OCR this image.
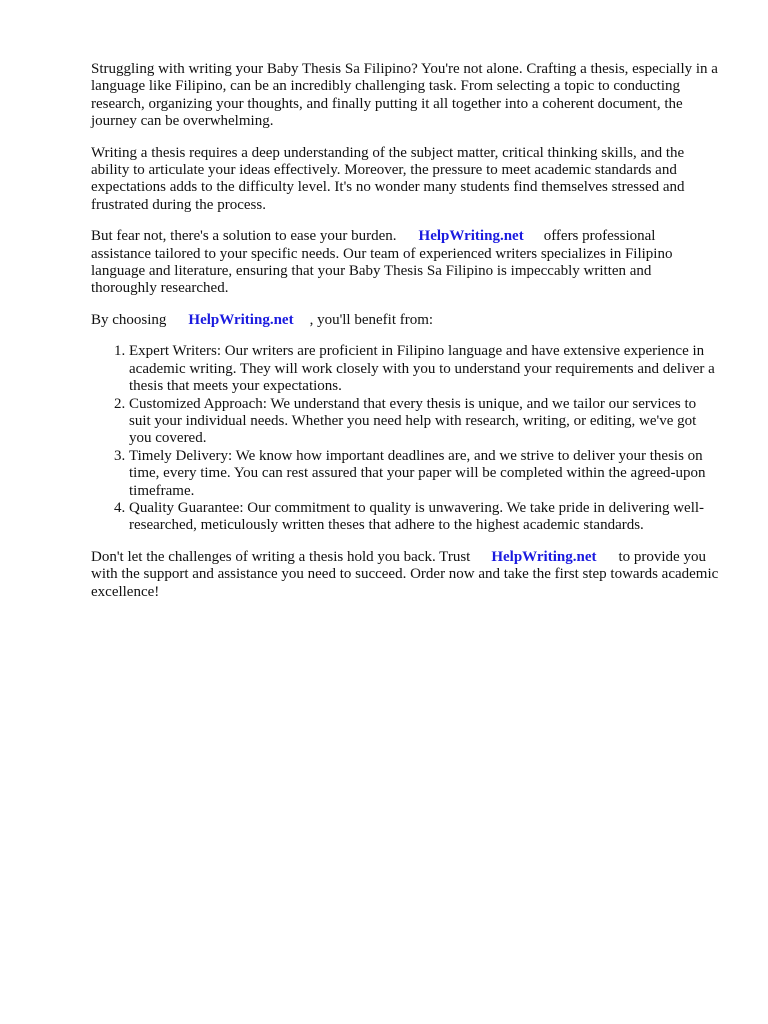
Struggling with writing your Baby Thesis Sa Filipino? You're not alone. Crafting a thesis, especially in a language like Filipino, can be an incredibly challenging task. From selecting a topic to conducting research, organizing your thoughts, and finally putting it all together into a coherent document, the journey can be overwhelming.

Writing a thesis requires a deep understanding of the subject matter, critical thinking skills, and the ability to articulate your ideas effectively. Moreover, the pressure to meet academic standards and expectations adds to the difficulty level. It's no wonder many students find themselves stressed and frustrated during the process.

But fear not, there's a solution to ease your burden. HelpWriting.net offers professional assistance tailored to your specific needs. Our team of experienced writers specializes in Filipino language and literature, ensuring that your Baby Thesis Sa Filipino is impeccably written and thoroughly researched.

By choosing HelpWriting.net , you'll benefit from:

1. Expert Writers: Our writers are proficient in Filipino language and have extensive experience in academic writing. They will work closely with you to understand your requirements and deliver a thesis that meets your expectations.
2. Customized Approach: We understand that every thesis is unique, and we tailor our services to suit your individual needs. Whether you need help with research, writing, or editing, we've got you covered.
3. Timely Delivery: We know how important deadlines are, and we strive to deliver your thesis on time, every time. You can rest assured that your paper will be completed within the agreed-upon timeframe.
4. Quality Guarantee: Our commitment to quality is unwavering. We take pride in delivering well-researched, meticulously written theses that adhere to the highest academic standards.

Don't let the challenges of writing a thesis hold you back. Trust HelpWriting.net to provide you with the support and assistance you need to succeed. Order now and take the first step towards academic excellence!
